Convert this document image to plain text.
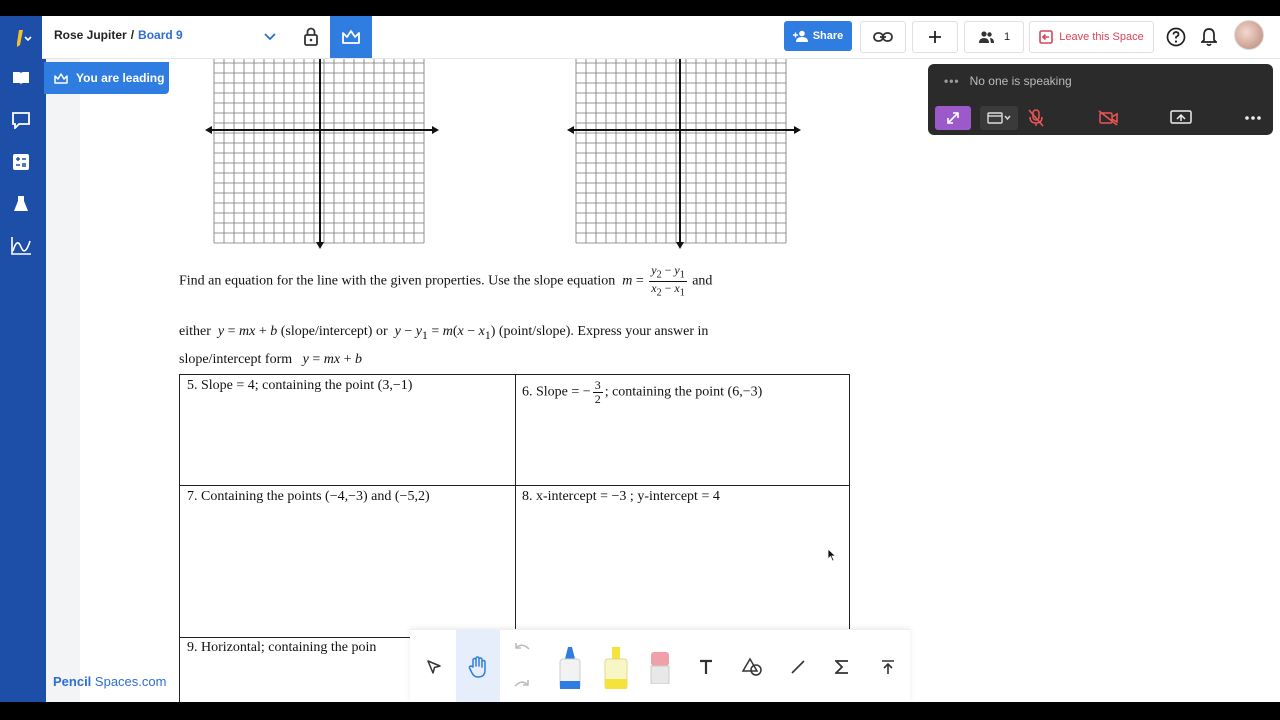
Rose Jupiter / Board 9	Share	1	Leave this Space
Find an equation for the line with the given properties. Use the slope equation $m = \frac{y_2 - y_1}{x_2 - x_1}$ and
either y = mx + b (slope/intercept) or $y - y_1 = m(x - x_1)$ (point/slope). Express your answer in
slope/intercept form y = mx + b
5. Slope = 4; containing the point (3,−1)	6. Slope = − $\frac{3}{2}$ ; containing the point (6,−3)
7. Containing the points (−4,−3) and (−5,2)	8. x-intercept = −3 ; y-intercept = 4
9. Horizontal; containing the poin
You are leading	••• No one is speaking
Pencil Spaces.com
